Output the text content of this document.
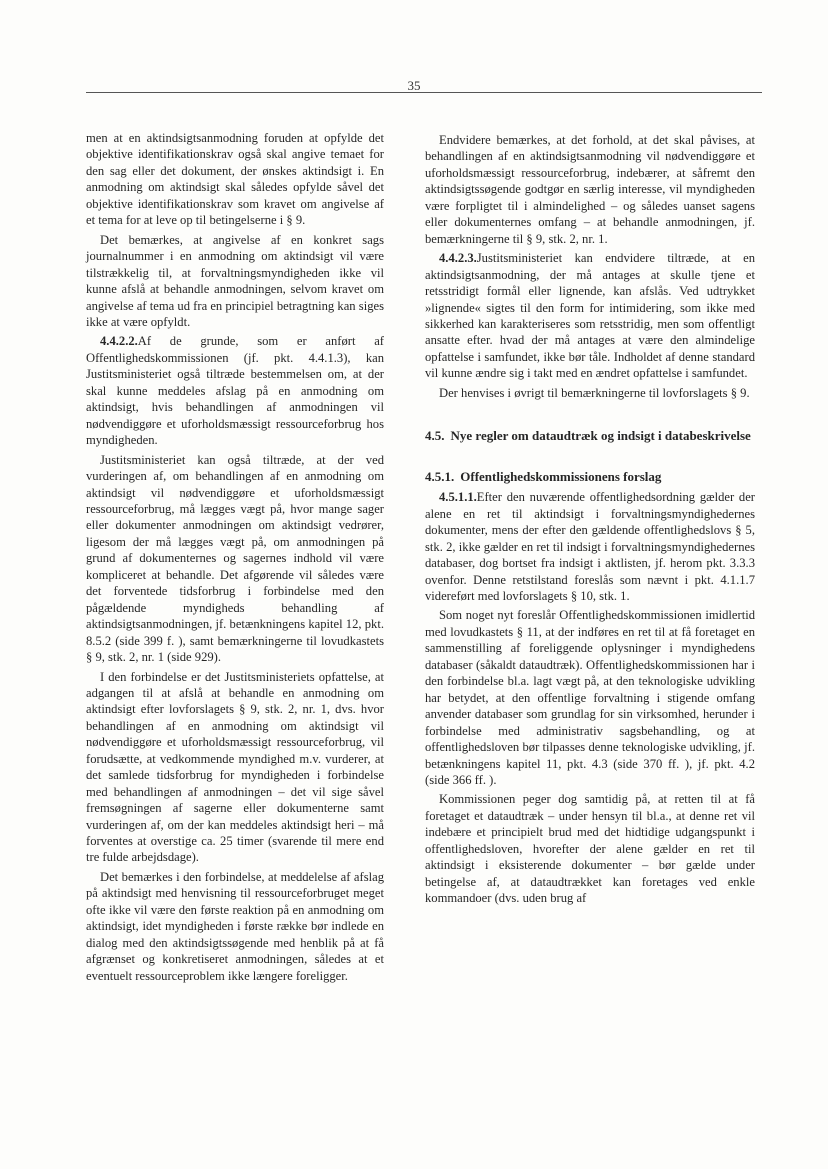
35

men at en aktindsigtsanmodning foruden at opfylde det objektive identifikationskrav også skal angive temaet for den sag eller det dokument, der ønskes aktindsigt i. En anmodning om aktindsigt skal således opfylde såvel det objektive identifikationskrav som kravet om angivelse af et tema for at leve op til betingelserne i § 9.

Det bemærkes, at angivelse af en konkret sags journalnummer i en anmodning om aktindsigt vil være tilstrækkelig til, at forvaltningsmyndigheden ikke vil kunne afslå at behandle anmodningen, selvom kravet om angivelse af tema ud fra en principiel betragtning kan siges ikke at være opfyldt.

4.4.2.2.Af de grunde, som er anført af Offentlighedskommissionen (jf. pkt. 4.4.1.3), kan Justitsministeriet også tiltræde bestemmelsen om, at der skal kunne meddeles afslag på en anmodning om aktindsigt, hvis behandlingen af anmodningen vil nødvendiggøre et uforholdsmæssigt ressourceforbrug hos myndigheden.

Justitsministeriet kan også tiltræde, at der ved vurderingen af, om behandlingen af en anmodning om aktindsigt vil nødvendiggøre et uforholdsmæssigt ressourceforbrug, må lægges vægt på, hvor mange sager eller dokumenter anmodningen om aktindsigt vedrører, ligesom der må lægges vægt på, om anmodningen på grund af dokumenternes og sagernes indhold vil være kompliceret at behandle. Det afgørende vil således være det forventede tidsforbrug i forbindelse med den pågældende myndigheds behandling af aktindsigtsanmodningen, jf. betænkningens kapitel 12, pkt. 8.5.2 (side 399 f. ), samt bemærkningerne til lovudkastets § 9, stk. 2, nr. 1 (side 929).

I den forbindelse er det Justitsministeriets opfattelse, at adgangen til at afslå at behandle en anmodning om aktindsigt efter lovforslagets § 9, stk. 2, nr. 1, dvs. hvor behandlingen af en anmodning om aktindsigt vil nødvendiggøre et uforholdsmæssigt ressourceforbrug, vil forudsætte, at vedkommende myndighed m.v. vurderer, at det samlede tidsforbrug for myndigheden i forbindelse med behandlingen af anmodningen – det vil sige såvel fremsøgningen af sagerne eller dokumenterne samt vurderingen af, om der kan meddeles aktindsigt heri – må forventes at overstige ca. 25 timer (svarende til mere end tre fulde arbejdsdage).

Det bemærkes i den forbindelse, at meddelelse af afslag på aktindsigt med henvisning til ressourceforbruget meget ofte ikke vil være den første reaktion på en anmodning om aktindsigt, idet myndigheden i første række bør indlede en dialog med den aktindsigtssøgende med henblik på at få afgrænset og konkretiseret anmodningen, således at et eventuelt ressourceproblem ikke længere foreligger.

Endvidere bemærkes, at det forhold, at det skal påvises, at behandlingen af en aktindsigtsanmodning vil nødvendiggøre et uforholdsmæssigt ressourceforbrug, indebærer, at såfremt den aktindsigtssøgende godtgør en særlig interesse, vil myndigheden være forpligtet til i almindelighed – og således uanset sagens eller dokumenternes omfang – at behandle anmodningen, jf. bemærkningerne til § 9, stk. 2, nr. 1.

4.4.2.3.Justitsministeriet kan endvidere tiltræde, at en aktindsigtsanmodning, der må antages at skulle tjene et retsstridigt formål eller lignende, kan afslås. Ved udtrykket »lignende« sigtes til den form for intimidering, som ikke med sikkerhed kan karakteriseres som retsstridig, men som offentligt ansatte efter. hvad der må antages at være den almindelige opfattelse i samfundet, ikke bør tåle. Indholdet af denne standard vil kunne ændre sig i takt med en ændret opfattelse i samfundet.

Der henvises i øvrigt til bemærkningerne til lovforslagets § 9.

4.5. Nye regler om dataudtræk og indsigt i databeskrivelse
4.5.1. Offentlighedskommissionens forslag

4.5.1.1.Efter den nuværende offentlighedsordning gælder der alene en ret til aktindsigt i forvaltningsmyndighedernes dokumenter, mens der efter den gældende offentlighedslovs § 5, stk. 2, ikke gælder en ret til indsigt i forvaltningsmyndighedernes databaser, dog bortset fra indsigt i aktlisten, jf. herom pkt. 3.3.3 ovenfor. Denne retstilstand foreslås som nævnt i pkt. 4.1.1.7 videreført med lovforslagets § 10, stk. 1.

Som noget nyt foreslår Offentlighedskommissionen imidlertid med lovudkastets § 11, at der indføres en ret til at få foretaget en sammenstilling af foreliggende oplysninger i myndighedens databaser (såkaldt dataudtræk). Offentlighedskommissionen har i den forbindelse bl.a. lagt vægt på, at den teknologiske udvikling har betydet, at den offentlige forvaltning i stigende omfang anvender databaser som grundlag for sin virksomhed, herunder i forbindelse med administrativ sagsbehandling, og at offentlighedsloven bør tilpasses denne teknologiske udvikling, jf. betænkningens kapitel 11, pkt. 4.3 (side 370 ff. ), jf. pkt. 4.2 (side 366 ff. ).

Kommissionen peger dog samtidig på, at retten til at få foretaget et dataudtræk – under hensyn til bl.a., at denne ret vil indebære et principielt brud med det hidtidige udgangspunkt i offentlighedsloven, hvorefter der alene gælder en ret til aktindsigt i eksisterende dokumenter – bør gælde under betingelse af, at dataudtrækket kan foretages ved enkle kommandoer (dvs. uden brug af
